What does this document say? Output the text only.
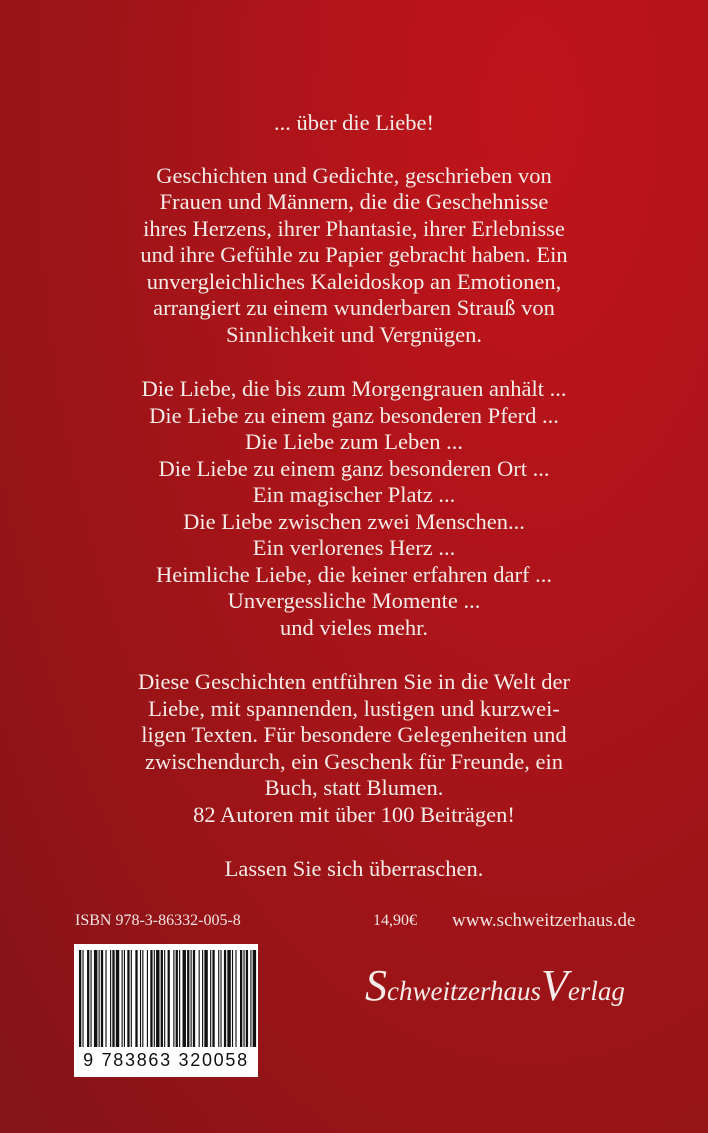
... über die Liebe!

Geschichten und Gedichte, geschrieben von
Frauen und Männern, die die Geschehnisse
ihres Herzens, ihrer Phantasie, ihrer Erlebnisse
und ihre Gefühle zu Papier gebracht haben. Ein
unvergleichliches Kaleidoskop an Emotionen,
arrangiert zu einem wunderbaren Strauß von
Sinnlichkeit und Vergnügen.

Die Liebe, die bis zum Morgengrauen anhält ...
Die Liebe zu einem ganz besonderen Pferd ...
Die Liebe zum Leben ...
Die Liebe zu einem ganz besonderen Ort ...
Ein magischer Platz ...
Die Liebe zwischen zwei Menschen...
Ein verlorenes Herz ...
Heimliche Liebe, die keiner erfahren darf ...
Unvergessliche Momente ...
und vieles mehr.

Diese Geschichten entführen Sie in die Welt der
Liebe, mit spannenden, lustigen und kurzwei-
ligen Texten. Für besondere Gelegenheiten und
zwischendurch, ein Geschenk für Freunde, ein
Buch, statt Blumen.
82 Autoren mit über 100 Beiträgen!

Lassen Sie sich überraschen.

ISBN 978-3-86332-005-8	14,90€ www.schweitzerhaus.de
9 783863 320058
SchweitzerhausVerlag
